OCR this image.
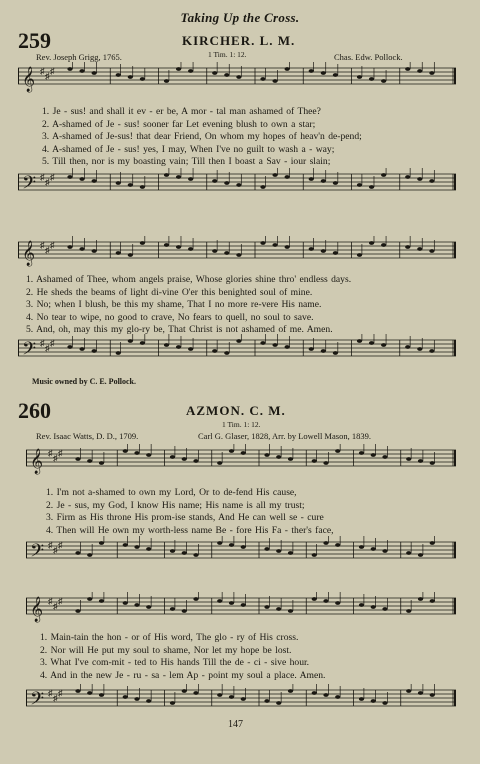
Taking Up the Cross.
259	KIRCHER. L. M.
1 Tim. 1: 12.
Rev. Joseph Grigg, 1765.	Chas. Edw. Pollock.
1. Je - sus! and shall it ev - er be, A mor - tal man ashamed of Thee?
2. A-shamed of Je - sus! sooner far Let evening blush to own a star;
3. A-shamed of Je-sus! that dear Friend, On whom my hopes of heav'n de-pend;
4. A-shamed of Je - sus! yes, I may, When I've no guilt to wash a - way;
5. Till then, nor is my boasting vain; Till then I boast a Sav - iour slain;
1. Ashamed of Thee, whom angels praise, Whose glories shine thro' endless days.
2. He sheds the beams of light di-vine O'er this benighted soul of mine.
3. No; when I blush, be this my shame, That I no more re-vere His name.
4. No tear to wipe, no good to crave, No fears to quell, no soul to save.
5. And, oh, may this my glo-ry be, That Christ is not ashamed of me. Amen.
Music owned by C. E. Pollock.
260	AZMON. C. M.
1 Tim. 1: 12.
Rev. Isaac Watts, D. D., 1709.	Carl G. Glaser, 1828, Arr. by Lowell Mason, 1839.
1. I'm not a-shamed to own my Lord, Or to de-fend His cause,
2. Je - sus, my God, I know His name; His name is all my trust;
3. Firm as His throne His prom-ise stands, And He can well se - cure
4. Then will He own my worth-less name Be - fore His Fa - ther's face,
1. Main-tain the hon - or of His word, The glo - ry of His cross.
2. Nor will He put my soul to shame, Nor let my hope be lost.
3. What I've com-mit - ted to His hands Till the de - ci - sive hour.
4. And in the new Je - ru - sa - lem Ap - point my soul a place. Amen.
147
𝄞 ♯ ♯ ♯
𝄢 ♯ ♯ ♯
𝄞 ♯ ♯ ♯
𝄢 ♯ ♯ ♯
𝄞 ♯ ♯ ♯
𝄢 ♯ ♯ ♯
𝄞 ♯ ♯ ♯
𝄢 ♯ ♯ ♯
